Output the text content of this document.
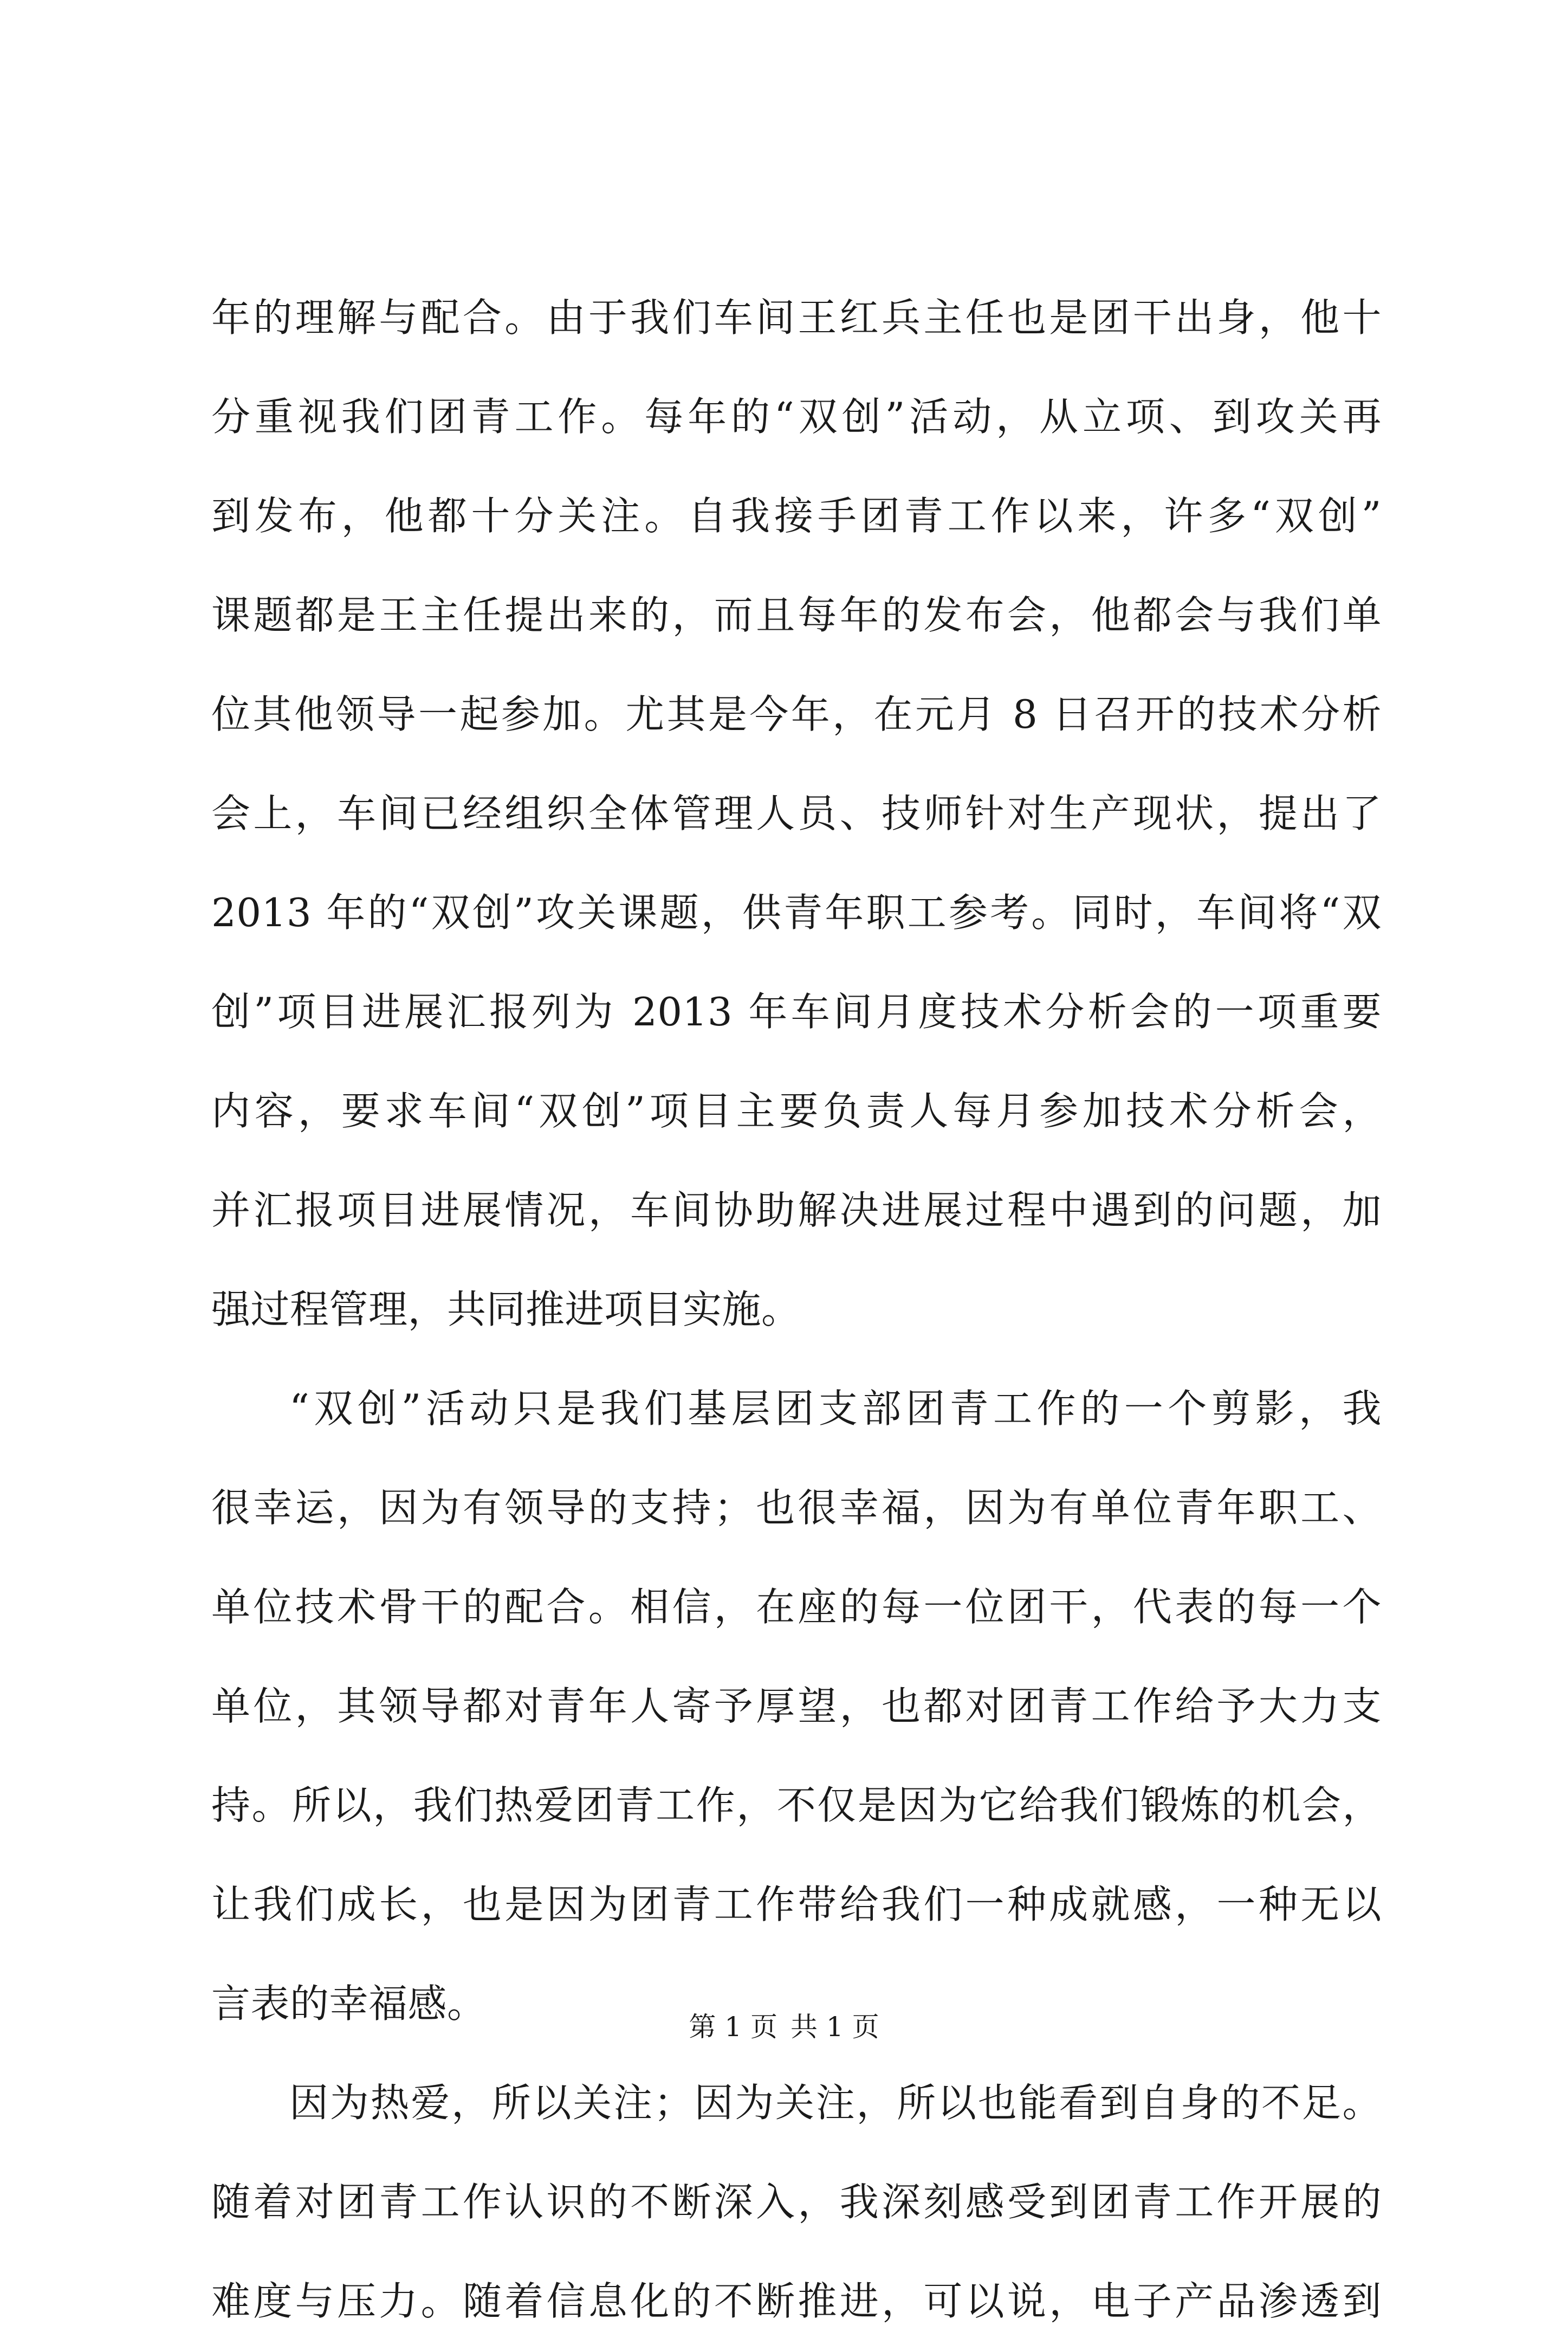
年的理解与配合。由于我们车间王红兵主任也是团干出身，他十
分重视我们团青工作。每年的“双创”活动，从立项、到攻关再
到发布，他都十分关注。自我接手团青工作以来，许多“双创”
课题都是王主任提出来的，而且每年的发布会，他都会与我们单
位其他领导一起参加。尤其是今年，在元月 8 日召开的技术分析
会上，车间已经组织全体管理人员、技师针对生产现状，提出了
2013 年的“双创”攻关课题，供青年职工参考。同时，车间将“双
创”项目进展汇报列为 2013 年车间月度技术分析会的一项重要
内容，要求车间“双创”项目主要负责人每月参加技术分析会，
并汇报项目进展情况，车间协助解决进展过程中遇到的问题，加
强过程管理，共同推进项目实施。
“双创”活动只是我们基层团支部团青工作的一个剪影，我
很幸运，因为有领导的支持；也很幸福，因为有单位青年职工、
单位技术骨干的配合。相信，在座的每一位团干，代表的每一个
单位，其领导都对青年人寄予厚望，也都对团青工作给予大力支
持。所以，我们热爱团青工作，不仅是因为它给我们锻炼的机会，
让我们成长，也是因为团青工作带给我们一种成就感，一种无以
言表的幸福感。
因为热爱，所以关注；因为关注，所以也能看到自身的不足。
随着对团青工作认识的不断深入，我深刻感受到团青工作开展的
难度与压力。随着信息化的不断推进，可以说，电子产品渗透到
第 1 页 共 1 页
